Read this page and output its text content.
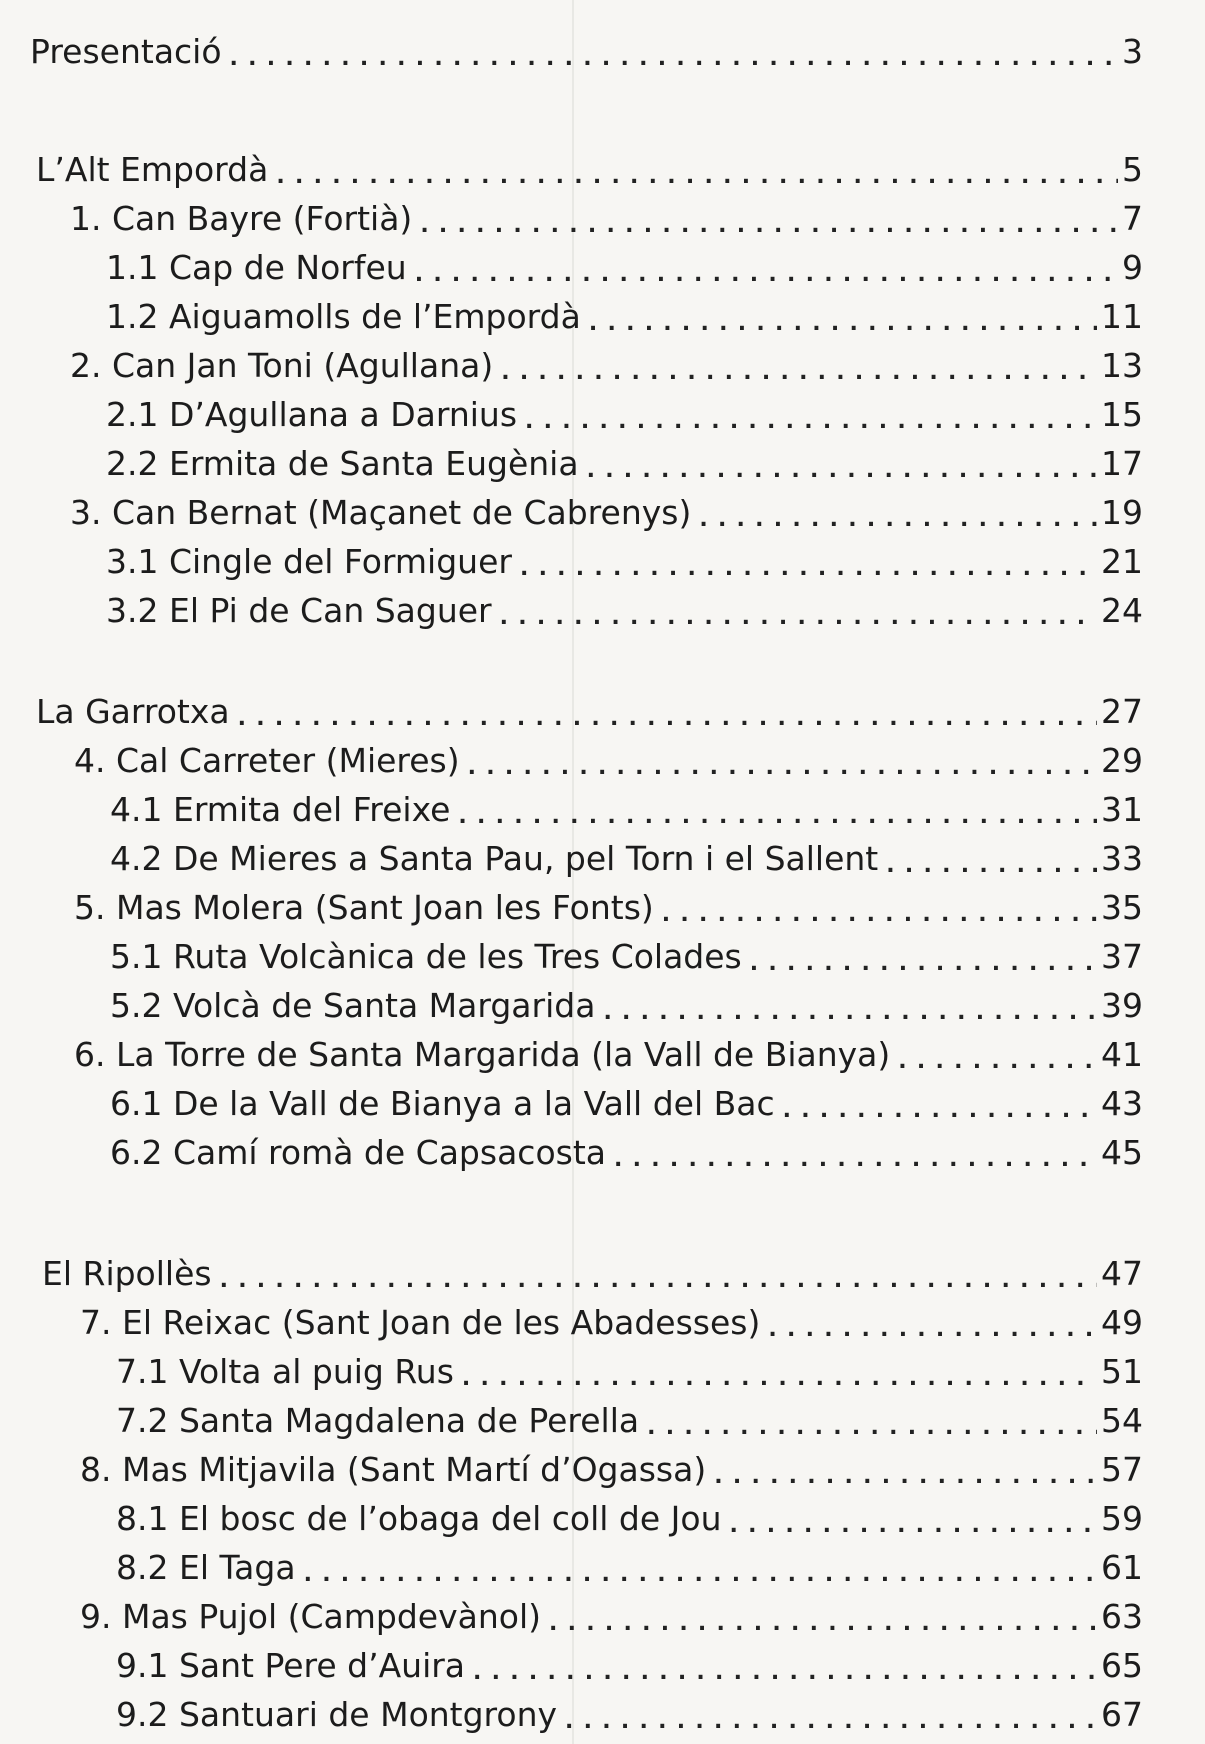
Presentació . . .	3
L’Alt Empordà . . .	5
1. Can Bayre (Fortià) . . .	7
1.1 Cap de Norfeu . . .	9
1.2 Aiguamolls de l’Empordà . . .	11
2. Can Jan Toni (Agullana) . . .	13
2.1 D’Agullana a Darnius . . .	15
2.2 Ermita de Santa Eugènia . . .	17
3. Can Bernat (Maçanet de Cabrenys) . . .	19
3.1 Cingle del Formiguer . . .	21
3.2 El Pi de Can Saguer . . .	24
La Garrotxa . . .	27
4. Cal Carreter (Mieres) . . .	29
4.1 Ermita del Freixe . . .	31
4.2 De Mieres a Santa Pau, pel Torn i el Sallent . . .	33
5. Mas Molera (Sant Joan les Fonts) . . .	35
5.1 Ruta Volcànica de les Tres Colades . . .	37
5.2 Volcà de Santa Margarida . . .	39
6. La Torre de Santa Margarida (la Vall de Bianya) . . .	41
6.1 De la Vall de Bianya a la Vall del Bac . . .	43
6.2 Camí romà de Capsacosta . . .	45
El Ripollès . . .	47
7. El Reixac (Sant Joan de les Abadesses) . . .	49
7.1 Volta al puig Rus . . .	51
7.2 Santa Magdalena de Perella . . .	54
8. Mas Mitjavila (Sant Martí d’Ogassa) . . .	57
8.1 El bosc de l’obaga del coll de Jou . . .	59
8.2 El Taga . . .	61
9. Mas Pujol (Campdevànol) . . .	63
9.1 Sant Pere d’Auira . . .	65
9.2 Santuari de Montgrony . . .	67
